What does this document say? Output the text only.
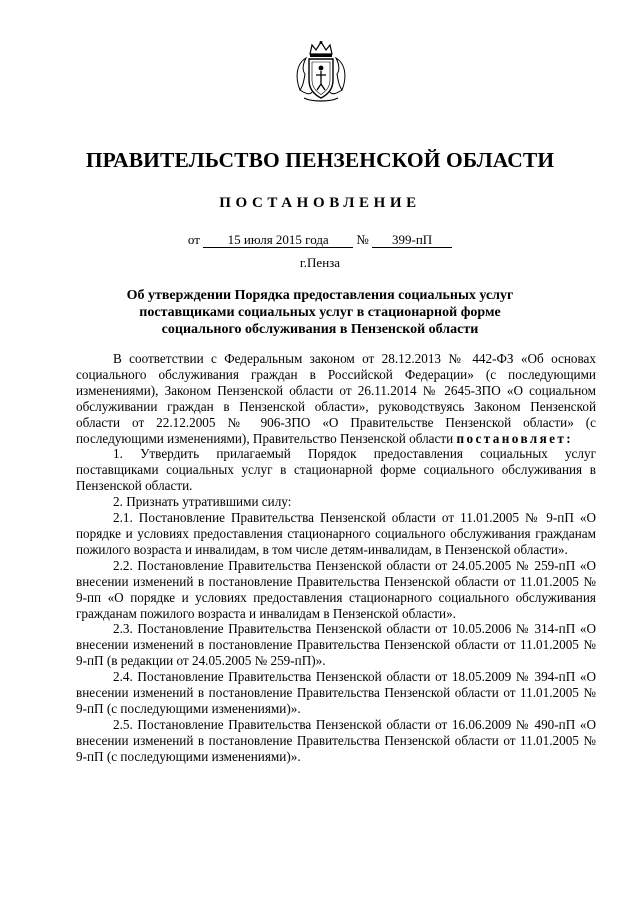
ПРАВИТЕЛЬСТВО ПЕНЗЕНСКОЙ ОБЛАСТИ
ПОСТАНОВЛЕНИЕ
от 15 июля 2015 года № 399-пП
г.Пенза
Об утверждении Порядка предоставления социальных услуг поставщиками социальных услуг в стационарной форме социального обслуживания в Пензенской области

В соответствии с Федеральным законом от 28.12.2013 № 442-ФЗ «Об основах социального обслуживания граждан в Российской Федерации» (с последующими изменениями), Законом Пензенской области от 26.11.2014 № 2645-ЗПО «О социальном обслуживании граждан в Пензенской области», руководствуясь Законом Пензенской области от 22.12.2005 № 906-ЗПО «О Правительстве Пензенской области» (с последующими изменениями), Правительство Пензенской области постановляет:

1. Утвердить прилагаемый Порядок предоставления социальных услуг поставщиками социальных услуг в стационарной форме социального обслуживания в Пензенской области.

2. Признать утратившими силу:

2.1. Постановление Правительства Пензенской области от 11.01.2005 № 9-пП «О порядке и условиях предоставления стационарного социального обслуживания гражданам пожилого возраста и инвалидам, в том числе детям-инвалидам, в Пензенской области».

2.2. Постановление Правительства Пензенской области от 24.05.2005 № 259-пП «О внесении изменений в постановление Правительства Пензенской области от 11.01.2005 № 9-пп «О порядке и условиях предоставления стационарного социального обслуживания гражданам пожилого возраста и инвалидам в Пензенской области».

2.3. Постановление Правительства Пензенской области от 10.05.2006 № 314-пП «О внесении изменений в постановление Правительства Пензенской области от 11.01.2005 № 9-пП (в редакции от 24.05.2005 № 259-пП)».

2.4. Постановление Правительства Пензенской области от 18.05.2009 № 394-пП «О внесении изменений в постановление Правительства Пензенской области от 11.01.2005 № 9-пП (с последующими изменениями)».

2.5. Постановление Правительства Пензенской области от 16.06.2009 № 490-пП «О внесении изменений в постановление Правительства Пензенской области от 11.01.2005 № 9-пП (с последующими изменениями)».
